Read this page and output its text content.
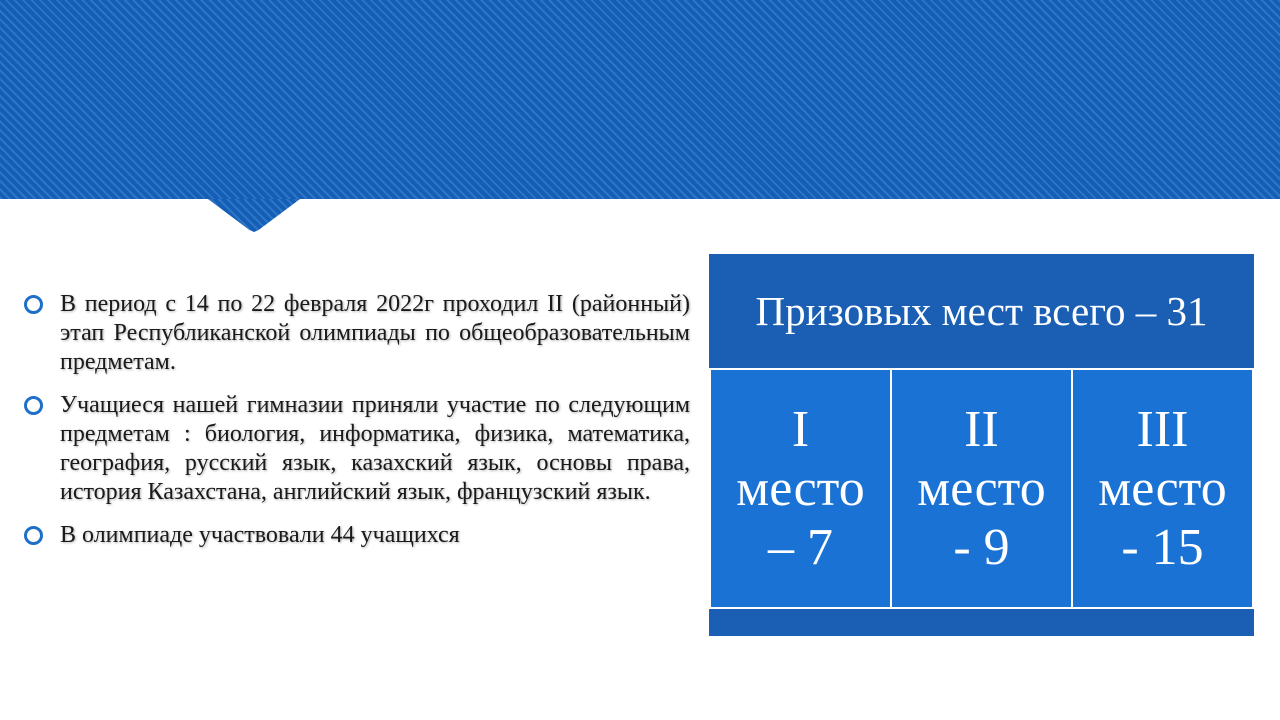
В период с 14 по 22 февраля 2022г проходил II (районный) этап Республиканской олимпиады по общеобразовательным предметам.
Учащиеся нашей гимназии приняли участие по следующим предметам : биология, информатика, физика, математика, география, русский язык, казахский язык, основы права, история Казахстана, английский язык, французский язык.
В олимпиаде участвовали 44 учащихся
Призовых мест всего – 31
I
место
– 7
II
место
- 9
III
место
- 15
